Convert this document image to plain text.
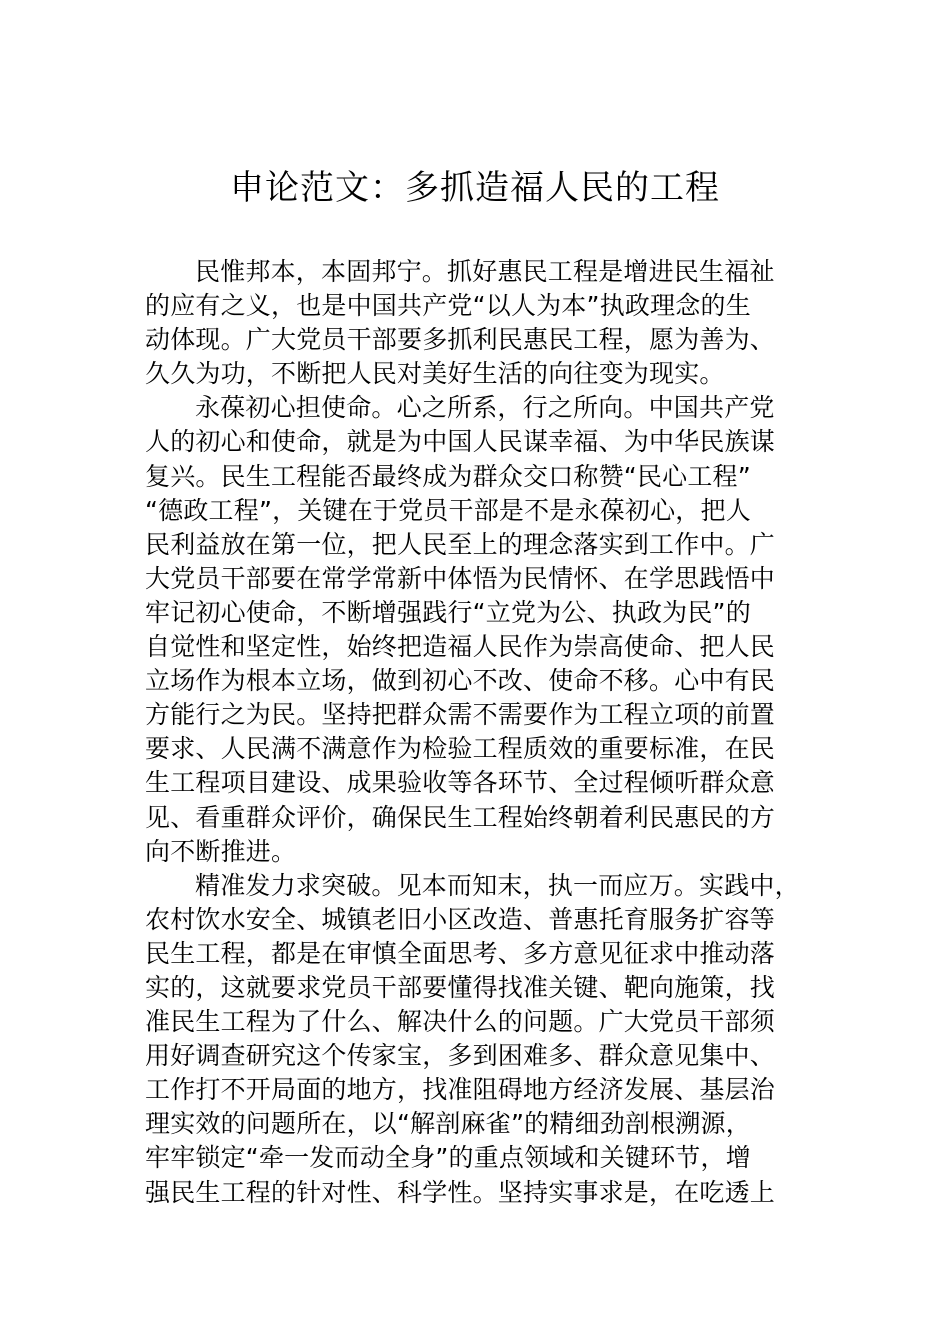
申论范文：多抓造福人民的工程
民惟邦本，本固邦宁。抓好惠民工程是增进民生福祉
的应有之义，也是中国共产党“以人为本”执政理念的生
动体现。广大党员干部要多抓利民惠民工程，愿为善为、
久久为功，不断把人民对美好生活的向往变为现实。
永葆初心担使命。心之所系，行之所向。中国共产党
人的初心和使命，就是为中国人民谋幸福、为中华民族谋
复兴。民生工程能否最终成为群众交口称赞“民心工程”
“德政工程”，关键在于党员干部是不是永葆初心，把人
民利益放在第一位，把人民至上的理念落实到工作中。广
大党员干部要在常学常新中体悟为民情怀、在学思践悟中
牢记初心使命，不断增强践行“立党为公、执政为民”的
自觉性和坚定性，始终把造福人民作为崇高使命、把人民
立场作为根本立场，做到初心不改、使命不移。心中有民
方能行之为民。坚持把群众需不需要作为工程立项的前置
要求、人民满不满意作为检验工程质效的重要标准，在民
生工程项目建设、成果验收等各环节、全过程倾听群众意
见、看重群众评价，确保民生工程始终朝着利民惠民的方
向不断推进。
精准发力求突破。见本而知末，执一而应万。实践中，
农村饮水安全、城镇老旧小区改造、普惠托育服务扩容等
民生工程，都是在审慎全面思考、多方意见征求中推动落
实的，这就要求党员干部要懂得找准关键、靶向施策，找
准民生工程为了什么、解决什么的问题。广大党员干部须
用好调查研究这个传家宝，多到困难多、群众意见集中、
工作打不开局面的地方，找准阻碍地方经济发展、基层治
理实效的问题所在，以“解剖麻雀”的精细劲剖根溯源，
牢牢锁定“牵一发而动全身”的重点领域和关键环节，增
强民生工程的针对性、科学性。坚持实事求是，在吃透上
